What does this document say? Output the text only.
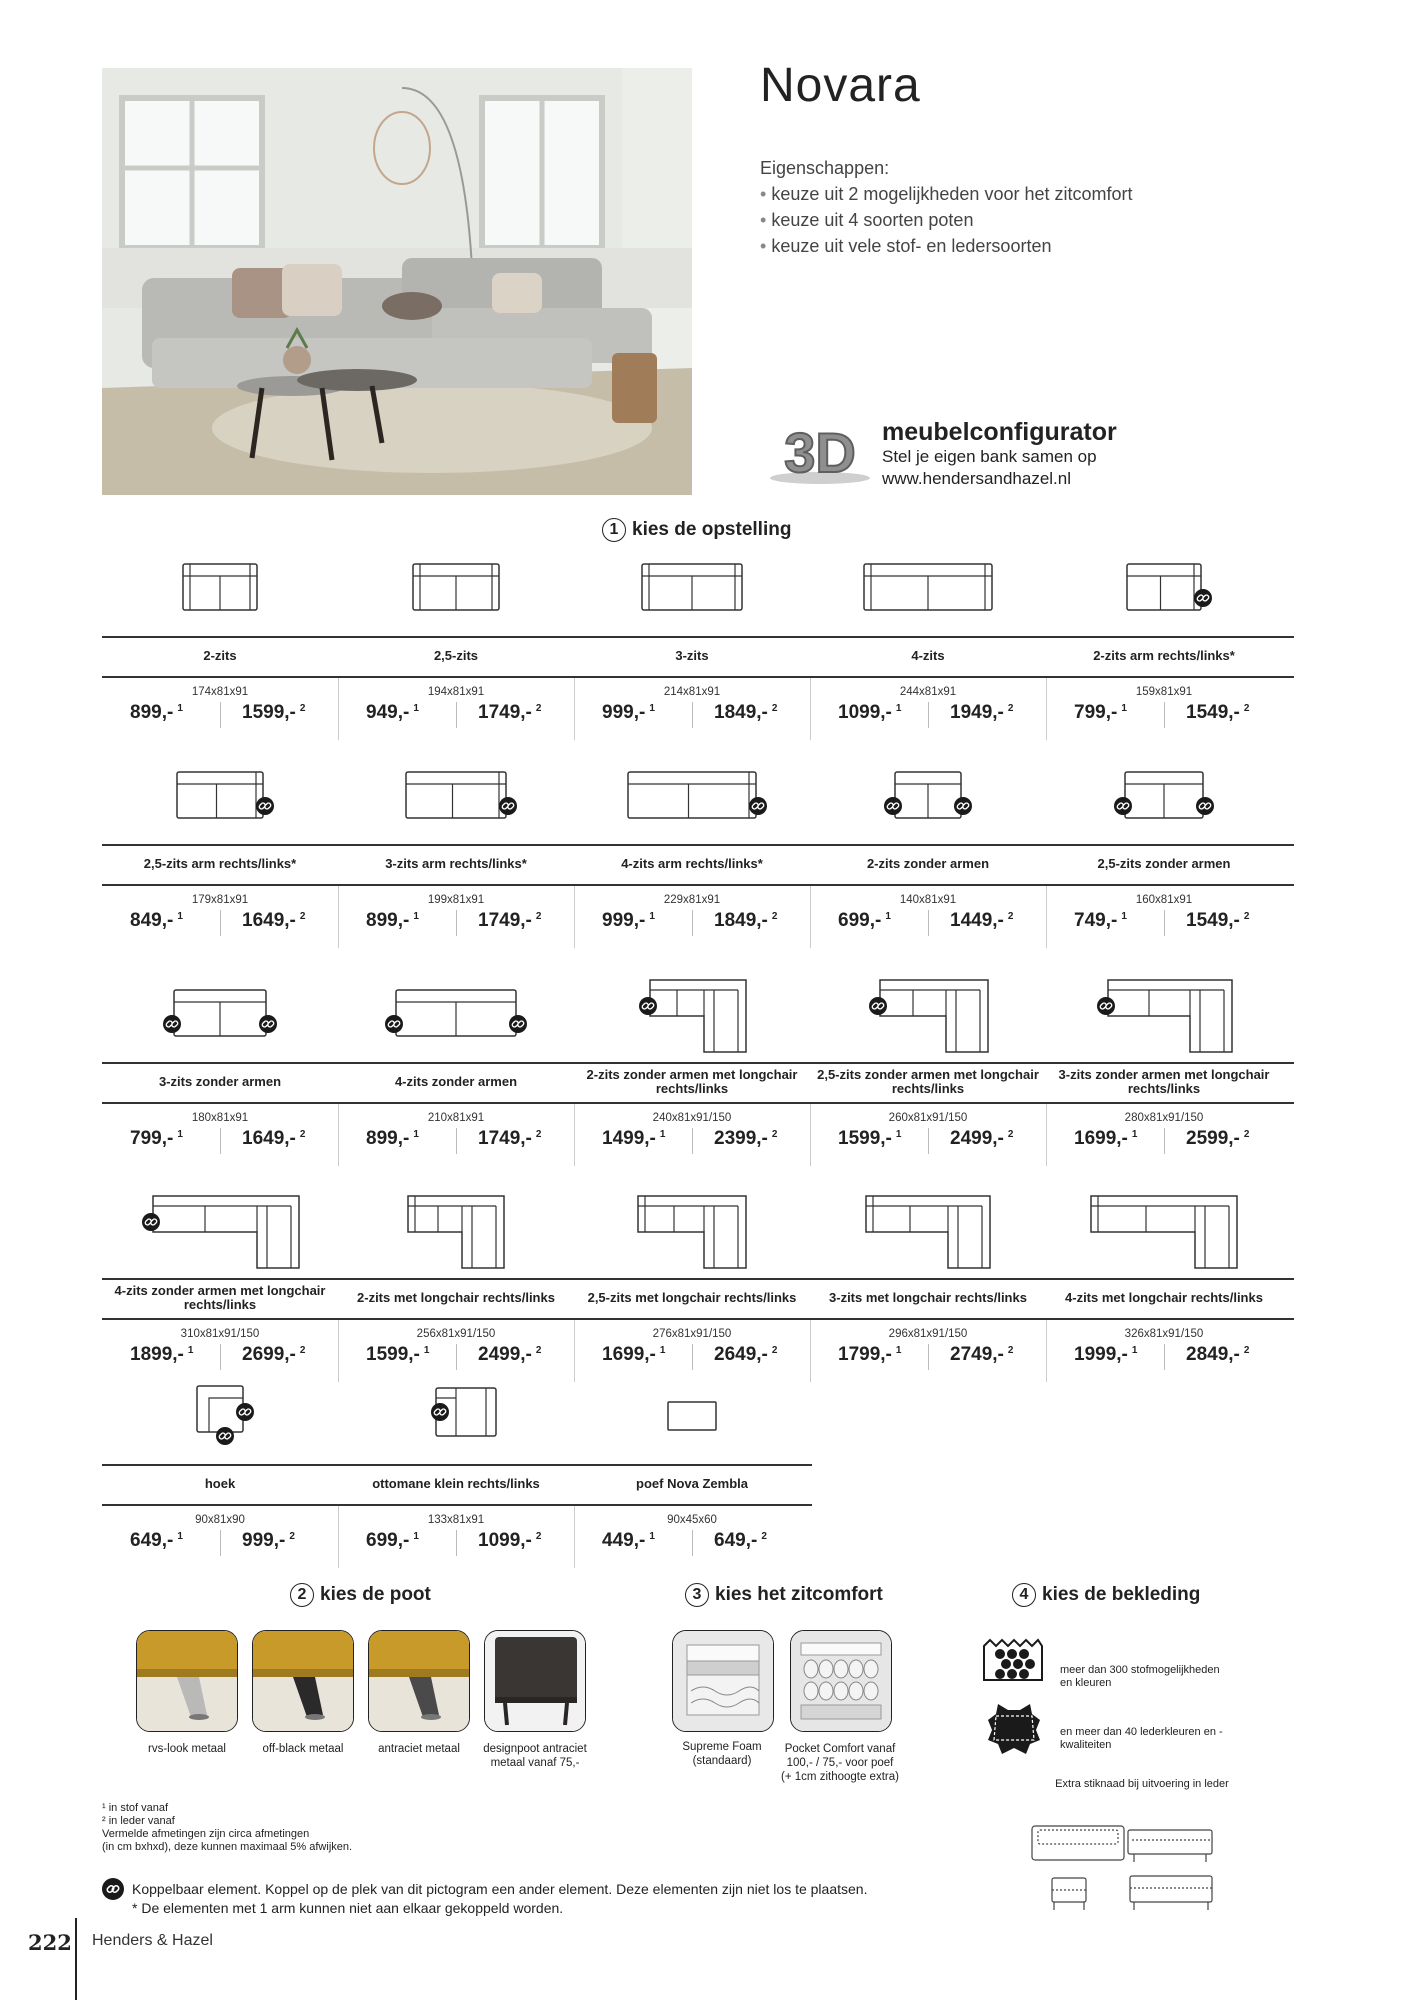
Novara
Eigenschappen:
• keuze uit 2 mogelijkheden voor het zitcomfort
• keuze uit 4 soorten poten
• keuze uit vele stof- en ledersoorten
3D meubelconfigurator
Stel je eigen bank samen op
www.hendersandhazel.nl
1 kies de opstelling
2-zits
174x81x91
899,- $^1$	1599,- $^2$
2,5-zits
194x81x91
949,- $^1$	1749,- $^2$
3-zits
214x81x91
999,- $^1$	1849,- $^2$
4-zits
244x81x91
1099,- $^1$	1949,- $^2$
2-zits arm rechts/links*
159x81x91
799,- $^1$	1549,- $^2$
2,5-zits arm rechts/links*
179x81x91
849,- $^1$	1649,- $^2$
3-zits arm rechts/links*
199x81x91
899,- $^1$	1749,- $^2$
4-zits arm rechts/links*
229x81x91
999,- $^1$	1849,- $^2$
2-zits zonder armen
140x81x91
699,- $^1$	1449,- $^2$
2,5-zits zonder armen
160x81x91
749,- $^1$	1549,- $^2$
3-zits zonder armen
180x81x91
799,- $^1$	1649,- $^2$
4-zits zonder armen
210x81x91
899,- $^1$	1749,- $^2$
2-zits zonder armen met longchair rechts/links
240x81x91/150
1499,- $^1$	2399,- $^2$
2,5-zits zonder armen met longchair rechts/links
260x81x91/150
1599,- $^1$	2499,- $^2$
3-zits zonder armen met longchair rechts/links
280x81x91/150
1699,- $^1$	2599,- $^2$
4-zits zonder armen met longchair rechts/links
310x81x91/150
1899,- $^1$	2699,- $^2$
2-zits met longchair rechts/links
256x81x91/150
1599,- $^1$	2499,- $^2$
2,5-zits met longchair rechts/links
276x81x91/150
1699,- $^1$	2649,- $^2$
3-zits met longchair rechts/links
296x81x91/150
1799,- $^1$	2749,- $^2$
4-zits met longchair rechts/links
326x81x91/150
1999,- $^1$	2849,- $^2$
hoek
90x81x90
649,- $^1$	999,- $^2$
ottomane klein rechts/links
133x81x91
699,- $^1$	1099,- $^2$
poef Nova Zembla
90x45x60
449,- $^1$	649,- $^2$
2 kies de poot
rvs-look metaal	off-black metaal	antraciet metaal	designpoot antraciet metaal vanaf 75,-
3 kies het zitcomfort
Supreme Foam (standaard)
Pocket Comfort vanaf 100,- / 75,- voor poef (+ 1cm zithoogte extra)
4 kies de bekleding
meer dan 300 stofmogelijkheden en kleuren
en meer dan 40 lederkleuren en -kwaliteiten
Extra stiknaad bij uitvoering in leder
¹ in stof vanaf
² in leder vanaf
Vermelde afmetingen zijn circa afmetingen
(in cm bxhxd), deze kunnen maximaal 5% afwijken.
Koppelbaar element. Koppel op de plek van dit pictogram een ander element. Deze elementen zijn niet los te plaatsen.
* De elementen met 1 arm kunnen niet aan elkaar gekoppeld worden.
222 Henders & Hazel
